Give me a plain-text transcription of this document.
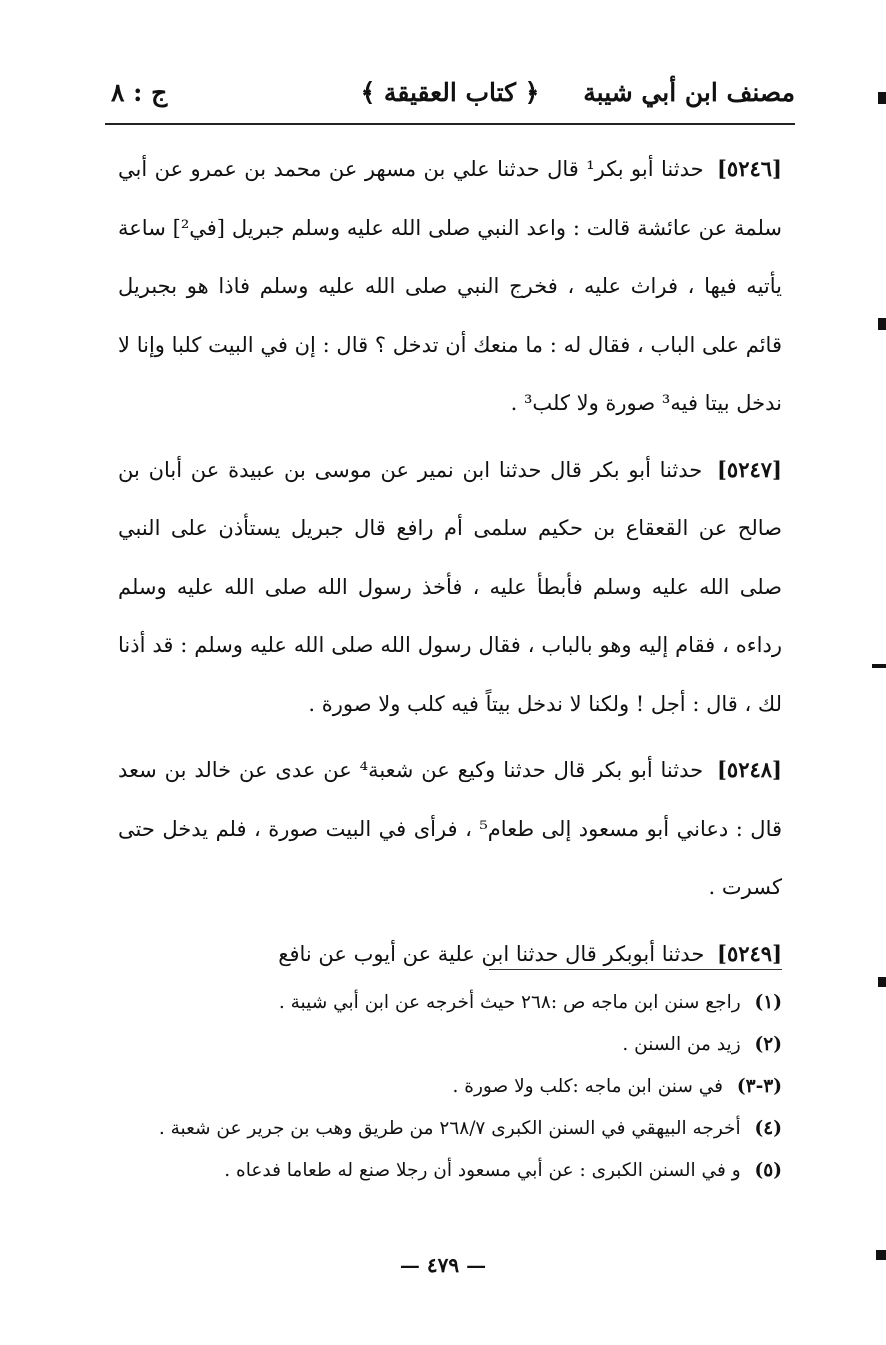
مصنف ابن أبي شيبة
﴿ كتاب العقيقة ﴾
ج : ٨

[٥٢٤٦] حدثنا أبو بكر¹ قال حدثنا علي بن مسهر عن محمد بن عمرو عن أبي سلمة عن عائشة قالت : واعد النبي صلى الله عليه وسلم جبريل [في²] ساعة يأتيه فيها ، فراث عليه ، فخرج النبي صلى الله عليه وسلم فاذا هو بجبريل قائم على الباب ، فقال له : ما منعك أن تدخل ؟ قال : إن في البيت كلبا وإنا لا ندخل بيتا فيه³ صورة ولا كلب³ .

[٥٢٤٧] حدثنا أبو بكر قال حدثنا ابن نمير عن موسى بن عبيدة عن أبان بن صالح عن القعقاع بن حكيم سلمى أم رافع قال جبريل يستأذن على النبي صلى الله عليه وسلم فأبطأ عليه ، فأخذ رسول الله صلى الله عليه وسلم رداءه ، فقام إليه وهو بالباب ، فقال رسول الله صلى الله عليه وسلم : قد أذنا لك ، قال : أجل ! ولكنا لا ندخل بيتاً فيه كلب ولا صورة .

[٥٢٤٨] حدثنا أبو بكر قال حدثنا وكيع عن شعبة⁴ عن عدى عن خالد بن سعد قال : دعاني أبو مسعود إلى طعام⁵ ، فرأى في البيت صورة ، فلم يدخل حتى كسرت .

[٥٢٤٩] حدثنا أبوبكر قال حدثنا ابن علية عن أيوب عن نافع

(١) راجع سنن ابن ماجه ص :٢٦٨ حيث أخرجه عن ابن أبي شيبة .
(٢) زيد من السنن .
(٣-٣) في سنن ابن ماجه :كلب ولا صورة .
(٤) أخرجه البيهقي في السنن الكبرى ٢٦٨/٧ من طريق وهب بن جرير عن شعبة .
(٥) و في السنن الكبرى : عن أبي مسعود أن رجلا صنع له طعاما فدعاه .
— ٤٧٩ —
